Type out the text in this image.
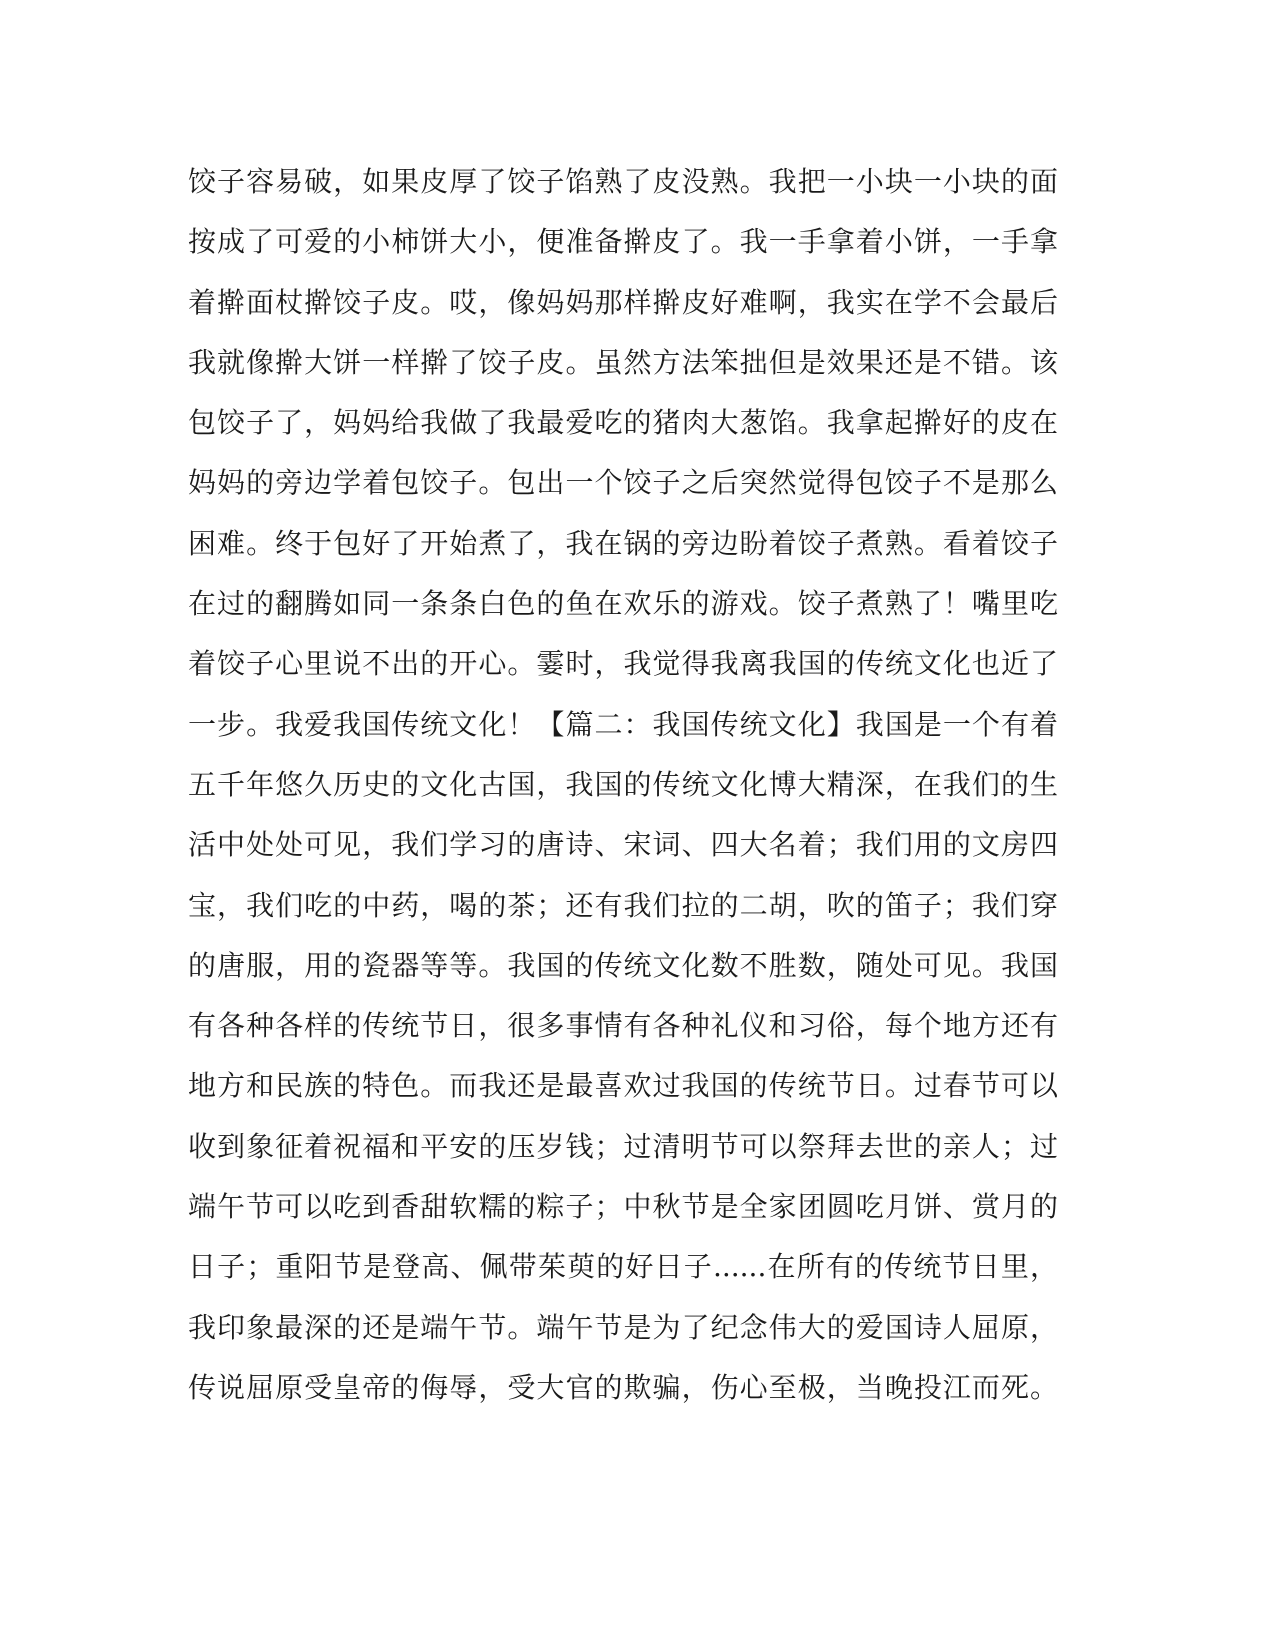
饺子容易破，如果皮厚了饺子馅熟了皮没熟。我把一小块一小块的面
按成了可爱的小柿饼大小，便准备擀皮了。我一手拿着小饼，一手拿
着擀面杖擀饺子皮。哎，像妈妈那样擀皮好难啊，我实在学不会最后
我就像擀大饼一样擀了饺子皮。虽然方法笨拙但是效果还是不错。该
包饺子了，妈妈给我做了我最爱吃的猪肉大葱馅。我拿起擀好的皮在
妈妈的旁边学着包饺子。包出一个饺子之后突然觉得包饺子不是那么
困难。终于包好了开始煮了，我在锅的旁边盼着饺子煮熟。看着饺子
在过的翻腾如同一条条白色的鱼在欢乐的游戏。饺子煮熟了！嘴里吃
着饺子心里说不出的开心。霎时，我觉得我离我国的传统文化也近了
一步。我爱我国传统文化！【篇二：我国传统文化】我国是一个有着
五千年悠久历史的文化古国，我国的传统文化博大精深，在我们的生
活中处处可见，我们学习的唐诗、宋词、四大名着；我们用的文房四
宝，我们吃的中药，喝的茶；还有我们拉的二胡，吹的笛子；我们穿
的唐服，用的瓷器等等。我国的传统文化数不胜数，随处可见。我国
有各种各样的传统节日，很多事情有各种礼仪和习俗，每个地方还有
地方和民族的特色。而我还是最喜欢过我国的传统节日。过春节可以
收到象征着祝福和平安的压岁钱；过清明节可以祭拜去世的亲人；过
端午节可以吃到香甜软糯的粽子；中秋节是全家团圆吃月饼、赏月的
日子；重阳节是登高、佩带茱萸的好日子......在所有的传统节日里，
我印象最深的还是端午节。端午节是为了纪念伟大的爱国诗人屈原，
传说屈原受皇帝的侮辱，受大官的欺骗，伤心至极，当晚投江而死。
